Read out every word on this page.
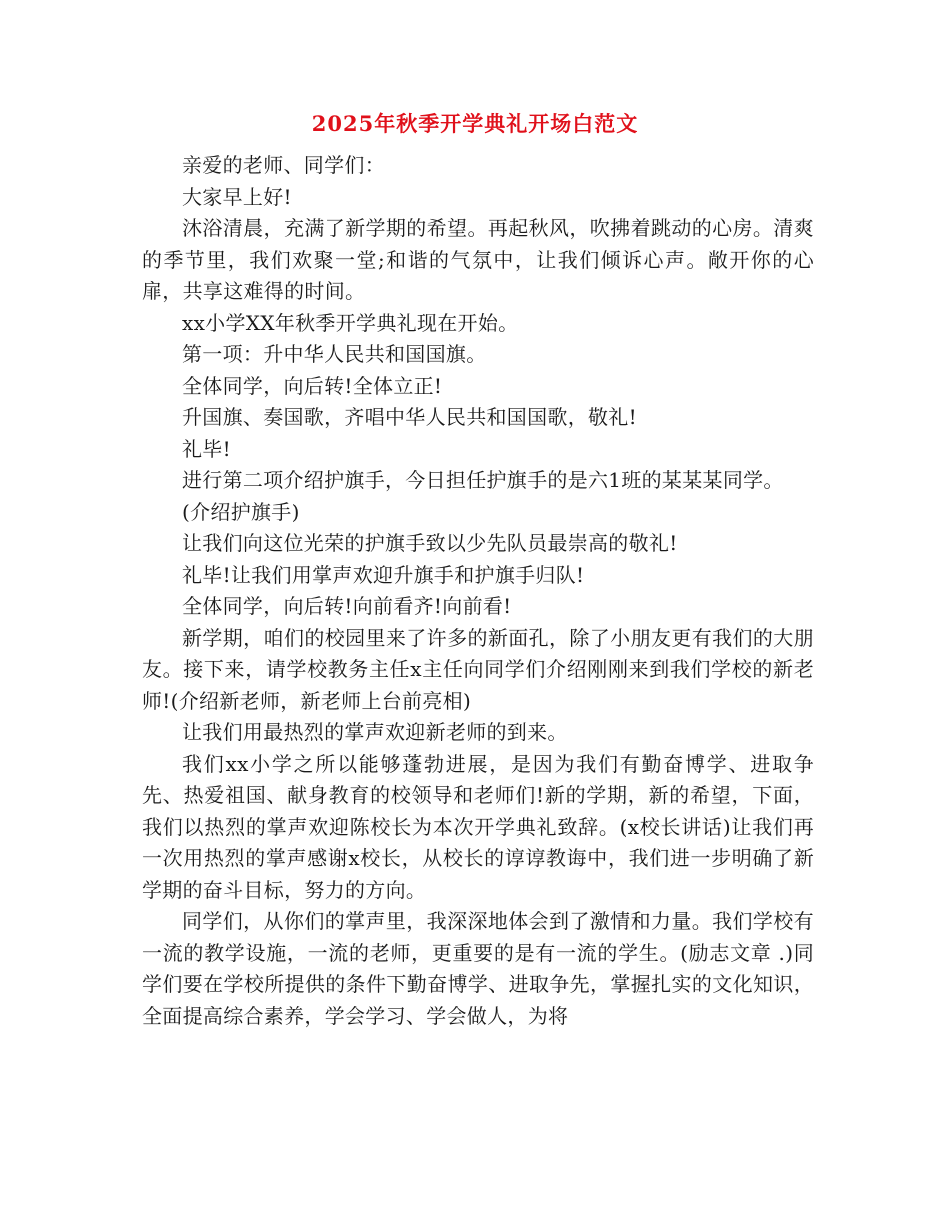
2025年秋季开学典礼开场白范文

亲爱的老师、同学们：

大家早上好!

沐浴清晨，充满了新学期的希望。再起秋风，吹拂着跳动的心房。清爽的季节里，我们欢聚一堂;和谐的气氛中，让我们倾诉心声。敞开你的心扉，共享这难得的时间。

xx小学XX年秋季开学典礼现在开始。

第一项：升中华人民共和国国旗。

全体同学，向后转!全体立正!

升国旗、奏国歌，齐唱中华人民共和国国歌，敬礼!

礼毕!

进行第二项介绍护旗手，今日担任护旗手的是六1班的某某某同学。

(介绍护旗手)

让我们向这位光荣的护旗手致以少先队员最崇高的敬礼!

礼毕!让我们用掌声欢迎升旗手和护旗手归队!

全体同学，向后转!向前看齐!向前看!

新学期，咱们的校园里来了许多的新面孔，除了小朋友更有我们的大朋友。接下来，请学校教务主任x主任向同学们介绍刚刚来到我们学校的新老师!(介绍新老师，新老师上台前亮相)

让我们用最热烈的掌声欢迎新老师的到来。

我们xx小学之所以能够蓬勃进展，是因为我们有勤奋博学、进取争先、热爱祖国、献身教育的校领导和老师们!新的学期，新的希望，下面，我们以热烈的掌声欢迎陈校长为本次开学典礼致辞。(x校长讲话)让我们再一次用热烈的掌声感谢x校长，从校长的谆谆教诲中，我们进一步明确了新学期的奋斗目标，努力的方向。

同学们，从你们的掌声里，我深深地体会到了激情和力量。我们学校有一流的教学设施，一流的老师，更重要的是有一流的学生。(励志文章 .)同学们要在学校所提供的条件下勤奋博学、进取争先，掌握扎实的文化知识，全面提高综合素养，学会学习、学会做人，为将
